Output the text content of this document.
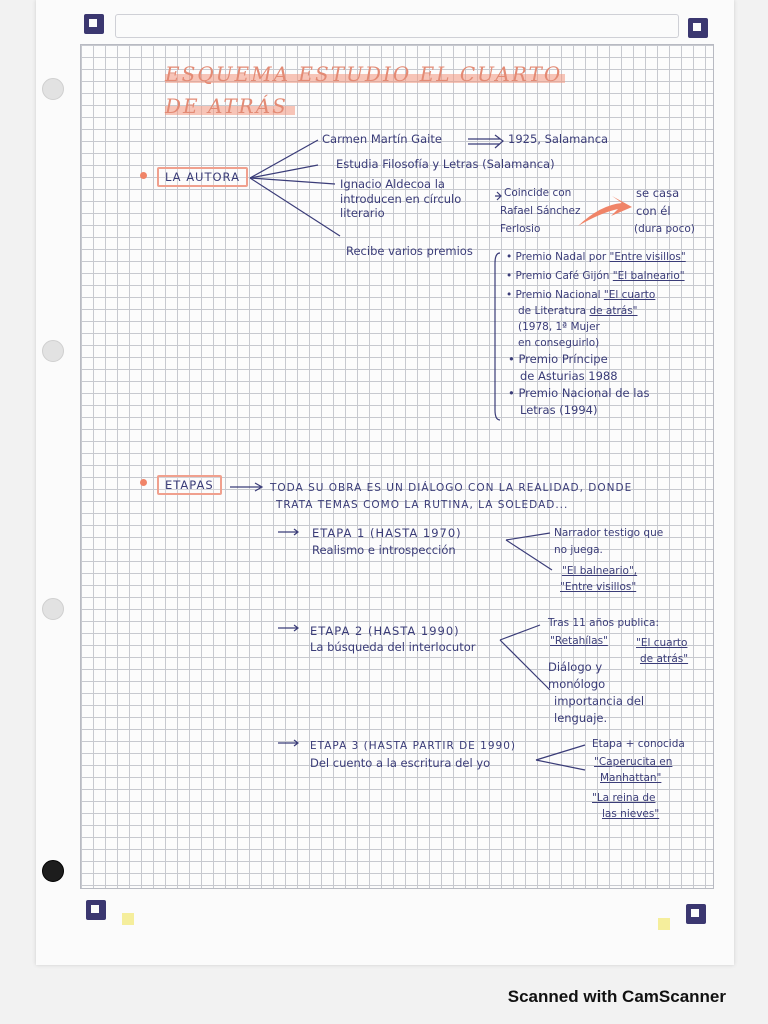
ESQUEMA ESTUDIO EL CUARTO
DE ATRÁS
LA AUTORA
Carmen Martín Gaite	1925, Salamanca
Estudia Filosofía y Letras (Salamanca)
Ignacio Aldecoa la
introducen en círculo
literario
Coincide con
Rafael Sánchez
Ferlosio
se casa
con él
(dura poco)
Recibe varios premios	• Premio Nadal por "Entre visillos"
• Premio Café Gijón "El balneario"
• Premio Nacional "El cuarto
de Literatura de atrás"
(1978, 1ª Mujer
en conseguirlo)
• Premio Príncipe
de Asturias 1988
• Premio Nacional de las
Letras (1994)
ETAPAS	TODA SU OBRA ES UN DIÁLOGO CON LA REALIDAD, DONDE
TRATA TEMAS COMO LA RUTINA, LA SOLEDAD...
ETAPA 1 (HASTA 1970)
Realismo e introspección
Narrador testigo que
no juega.
"El balneario",
"Entre visillos"
ETAPA 2 (HASTA 1990)
La búsqueda del interlocutor
Tras 11 años publica:
"Retahílas"	"El cuarto
de atrás"
Diálogo y
monólogo
importancia del
lenguaje.
ETAPA 3 (HASTA PARTIR DE 1990)
Del cuento a la escritura del yo
Etapa + conocida
"Caperucita en
Manhattan"
"La reina de
las nieves"
Scanned with CamScanner
